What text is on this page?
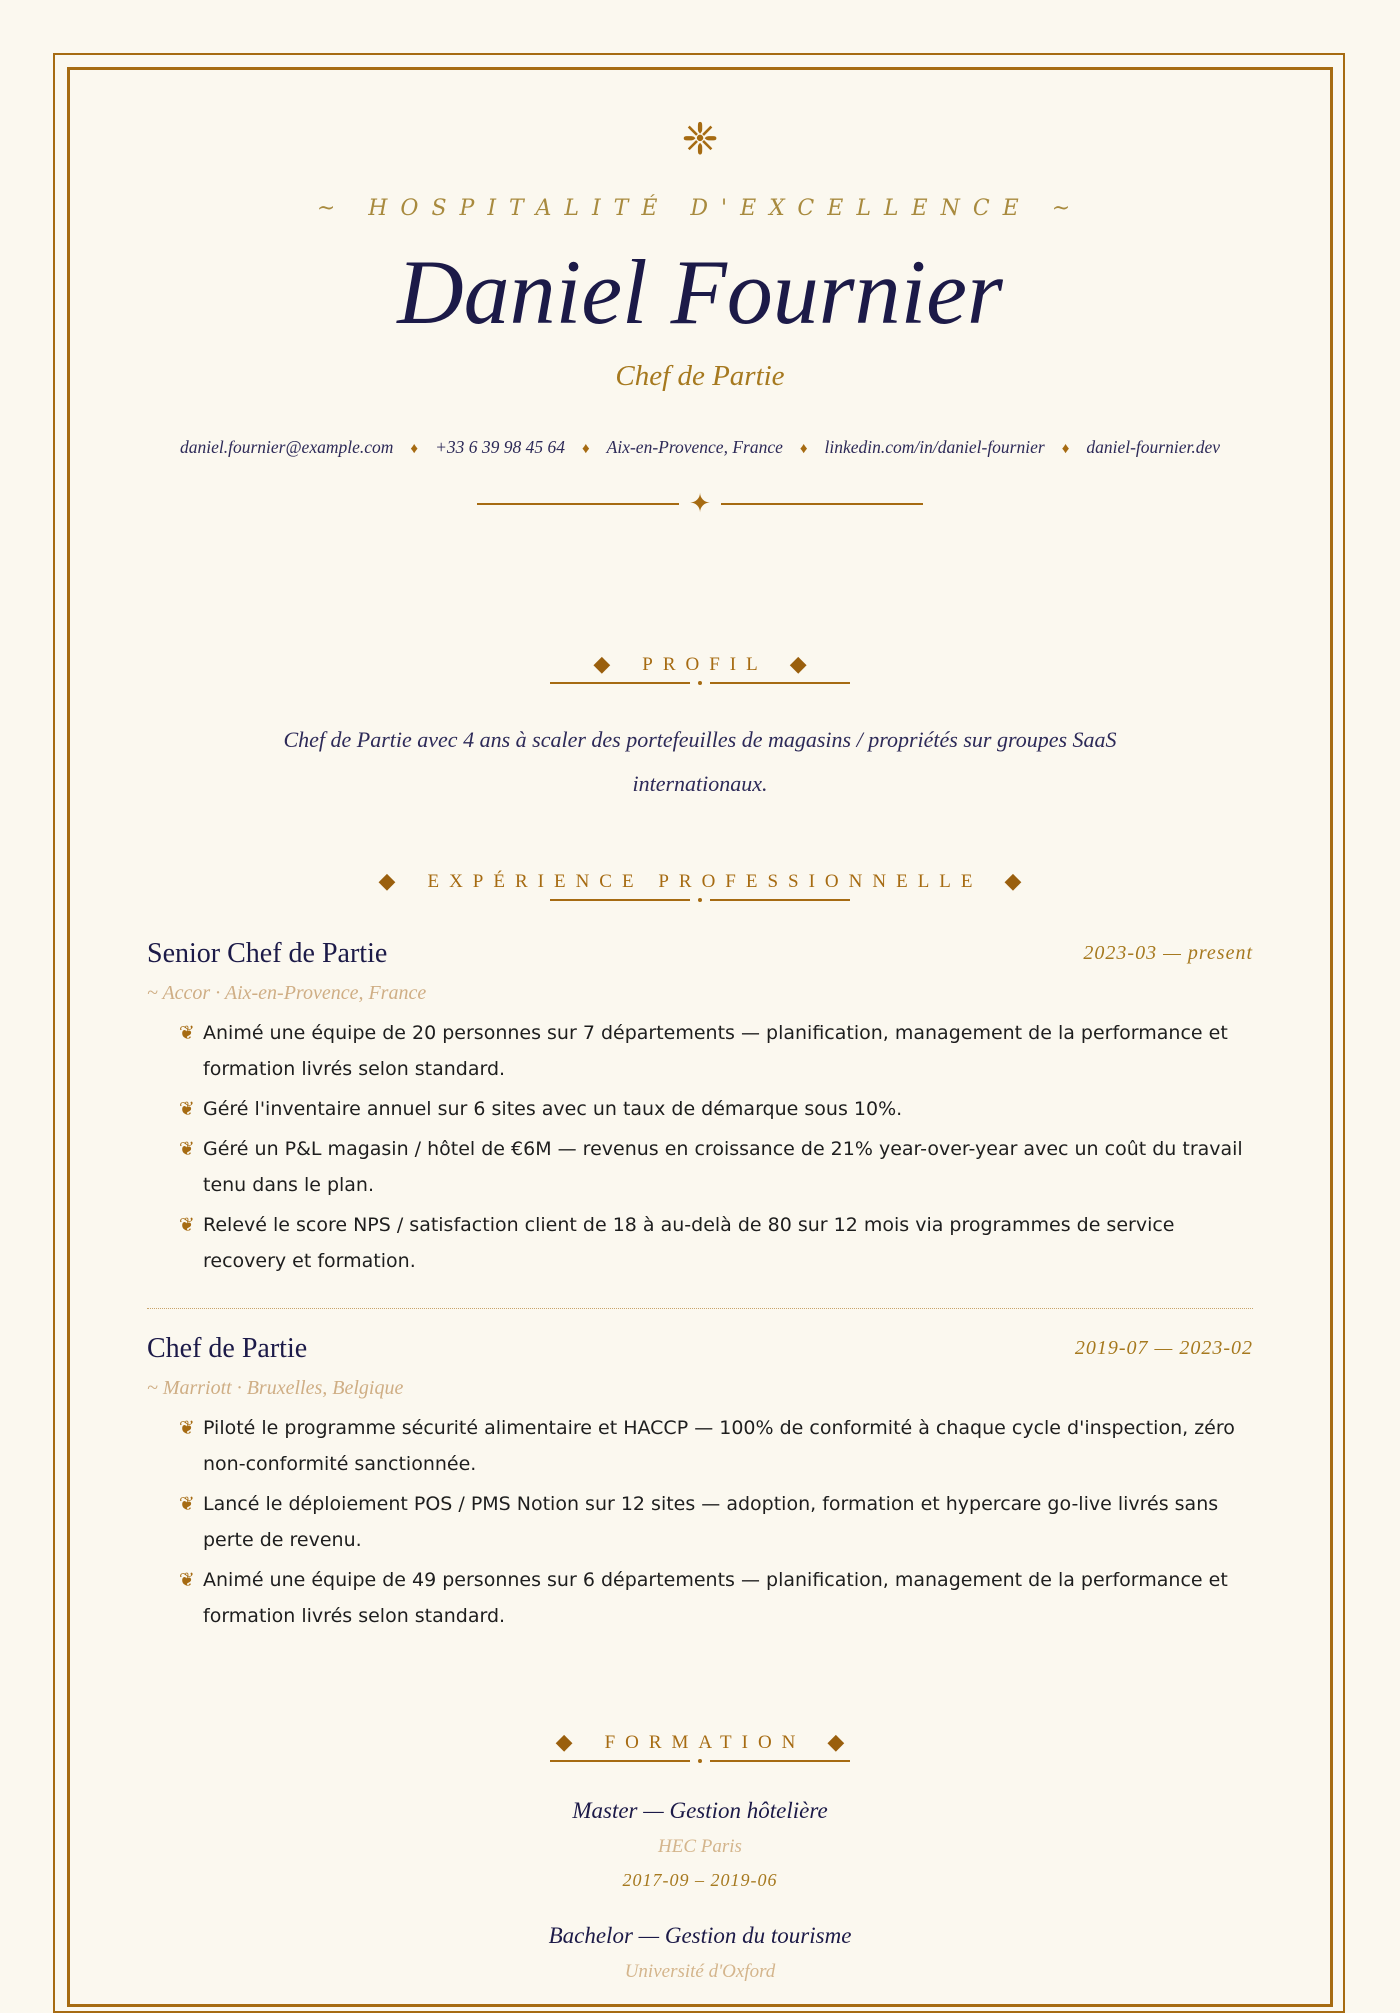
❈
~ HOSPITALITÉ D'EXCELLENCE ~
Daniel Fournier
Chef de Partie
daniel.fournier@example.com ♦ +33 6 39 98 45 64 ♦ Aix-en-Provence, France ♦ linkedin.com/in/daniel-fournier ♦ daniel-fournier.dev
✦
◆	PROFIL ◆
Chef de Partie avec 4 ans à scaler des portefeuilles de magasins / propriétés sur groupes SaaS internationaux.
◆	EXPÉRIENCE PROFESSIONNELLE ◆
Senior Chef de Partie	2023-03 — present
~ Accor · Aix-en-Provence, France
❦ Animé une équipe de 20 personnes sur 7 départements — planification, management de la performance et formation livrés selon standard.
❦ Géré l'inventaire annuel sur 6 sites avec un taux de démarque sous 10%.
❦ Géré un P&L magasin / hôtel de €6M — revenus en croissance de 21% year-over-year avec un coût du travail tenu dans le plan.
❦ Relevé le score NPS / satisfaction client de 18 à au-delà de 80 sur 12 mois via programmes de service recovery et formation.
Chef de Partie	2019-07 — 2023-02
~ Marriott · Bruxelles, Belgique
❦ Piloté le programme sécurité alimentaire et HACCP — 100% de conformité à chaque cycle d'inspection, zéro non-conformité sanctionnée.
❦ Lancé le déploiement POS / PMS Notion sur 12 sites — adoption, formation et hypercare go-live livrés sans perte de revenu.
❦ Animé une équipe de 49 personnes sur 6 départements — planification, management de la performance et formation livrés selon standard.
◆	FORMATION ◆
Master — Gestion hôtelière
HEC Paris
2017-09 – 2019-06
Bachelor — Gestion du tourisme
Université d'Oxford
